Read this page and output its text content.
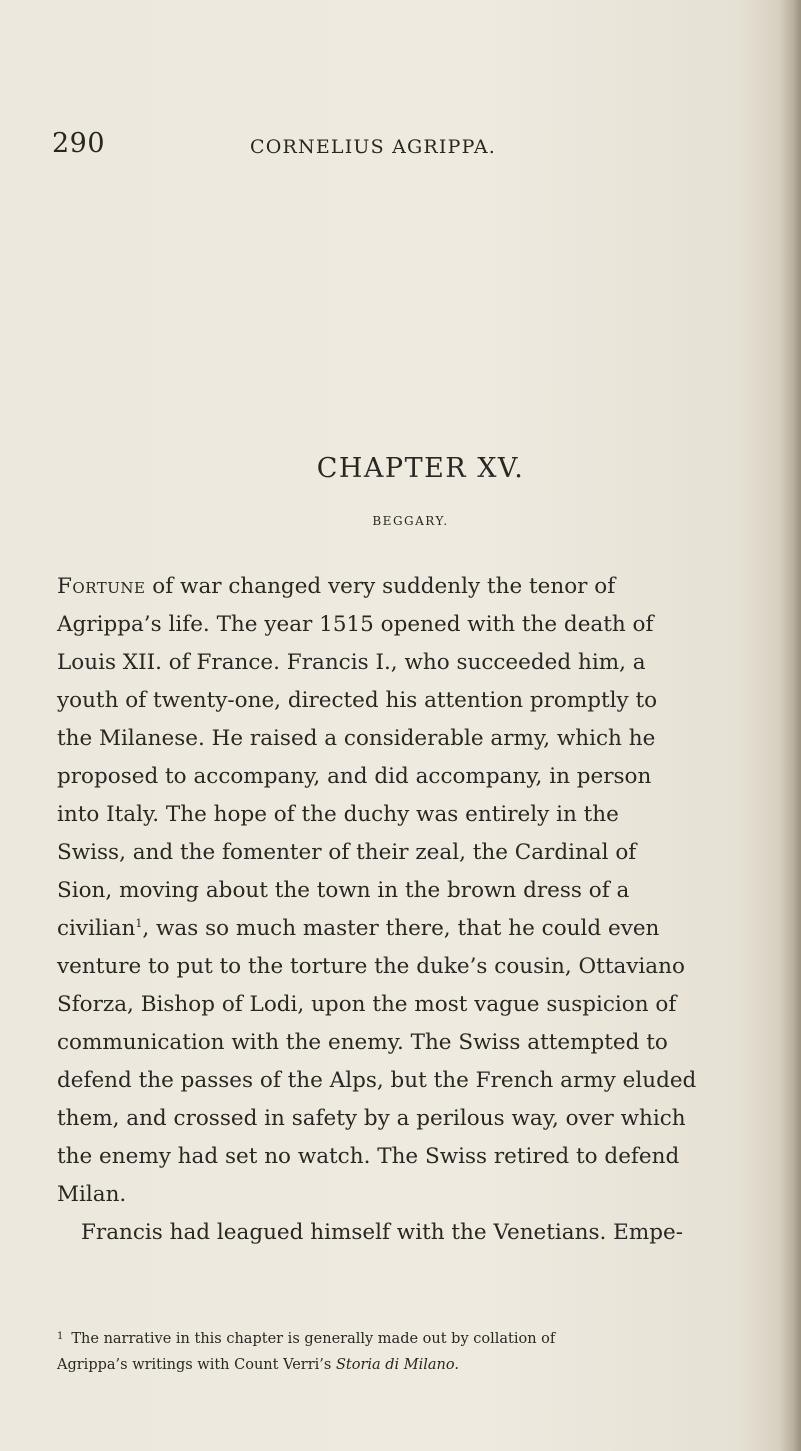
290	CORNELIUS AGRIPPA.
CHAPTER XV.
BEGGARY.
Fortune of war changed very suddenly the tenor of
Agrippa’s life. The year 1515 opened with the death of
Louis XII. of France. Francis I., who succeeded him, a
youth of twenty-one, directed his attention promptly to
the Milanese. He raised a considerable army, which he
proposed to accompany, and did accompany, in person
into Italy. The hope of the duchy was entirely in the
Swiss, and the fomenter of their zeal, the Cardinal of
Sion, moving about the town in the brown dress of a
civilian$^1$, was so much master there, that he could even
venture to put to the torture the duke’s cousin, Ottaviano
Sforza, Bishop of Lodi, upon the most vague suspicion of
communication with the enemy. The Swiss attempted to
defend the passes of the Alps, but the French army eluded
them, and crossed in safety by a perilous way, over which
the enemy had set no watch. The Swiss retired to defend
Milan.
Francis had leagued himself with the Venetians. Empe-
$^1$ The narrative in this chapter is generally made out by collation of
Agrippa’s writings with Count Verri’s Storia di Milano.
